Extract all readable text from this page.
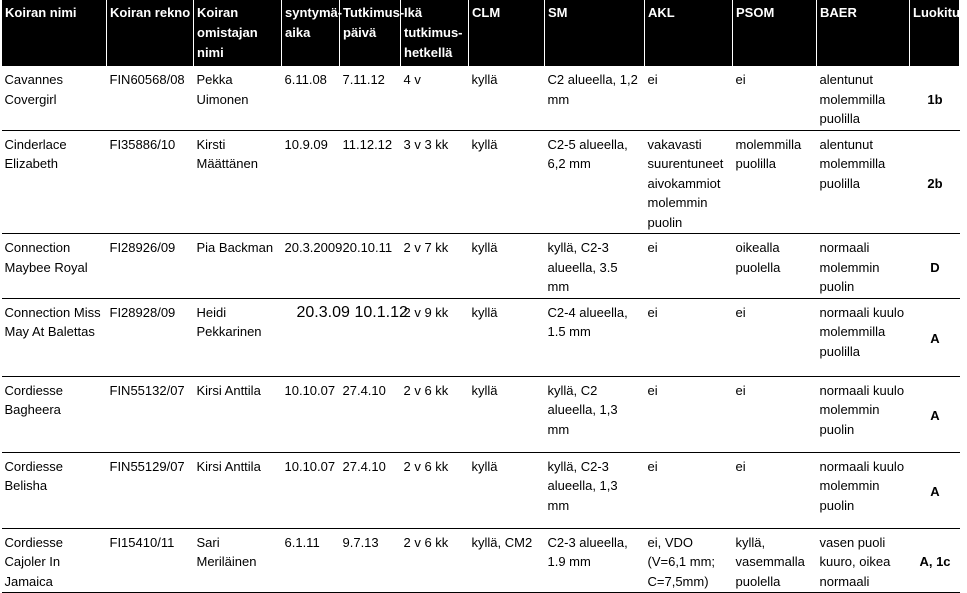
Koiran nimi	Koiran rekno	Koiran omistajan nimi	syntymä-aika	Tutkimus-päivä	Ikä tutkimus-hetkellä	CLM	SM	AKL	PSOM	BAER	Luokitus
Cavannes Covergirl	FIN60568/08	Pekka Uimonen	6.11.08	7.11.12	4 v	kyllä	C2 alueella, 1,2 mm	ei	ei	alentunut molemmilla puolilla	1b
Cinderlace Elizabeth	FI35886/10	Kirsti Määttänen	10.9.09	11.12.12	3 v 3 kk	kyllä	C2-5 alueella, 6,2 mm	vakavasti suurentuneet aivokammiot molemmin puolin	molemmilla puolilla	alentunut molemmilla puolilla	2b
Connection Maybee Royal	FI28926/09	Pia Backman	20.3.2009	20.10.11	2 v 7 kk	kyllä	kyllä, C2-3 alueella, 3.5 mm	ei	oikealla puolella	normaali molemmin puolin	D
Connection Miss May At Balettas	FI28928/09	Heidi Pekkarinen	20.3.09	10.1.12	2 v 9 kk	kyllä	C2-4 alueella, 1.5 mm	ei	ei	normaali kuulo molemmilla puolilla	A
Cordiesse Bagheera	FIN55132/07	Kirsi Anttila	10.10.07	27.4.10	2 v 6 kk	kyllä	kyllä, C2 alueella, 1,3 mm	ei	ei	normaali kuulo molemmin puolin	A
Cordiesse Belisha	FIN55129/07	Kirsi Anttila	10.10.07	27.4.10	2 v 6 kk	kyllä	kyllä, C2-3 alueella, 1,3 mm	ei	ei	normaali kuulo molemmin puolin	A
Cordiesse Cajoler In Jamaica	FI15410/11	Sari Meriläinen	6.1.11	9.7.13	2 v 6 kk	kyllä, CM2	C2-3 alueella, 1.9 mm	ei, VDO (V=6,1 mm; C=7,5mm)	kyllä, vasemmalla puolella	vasen puoli kuuro, oikea normaali	A, 1c
